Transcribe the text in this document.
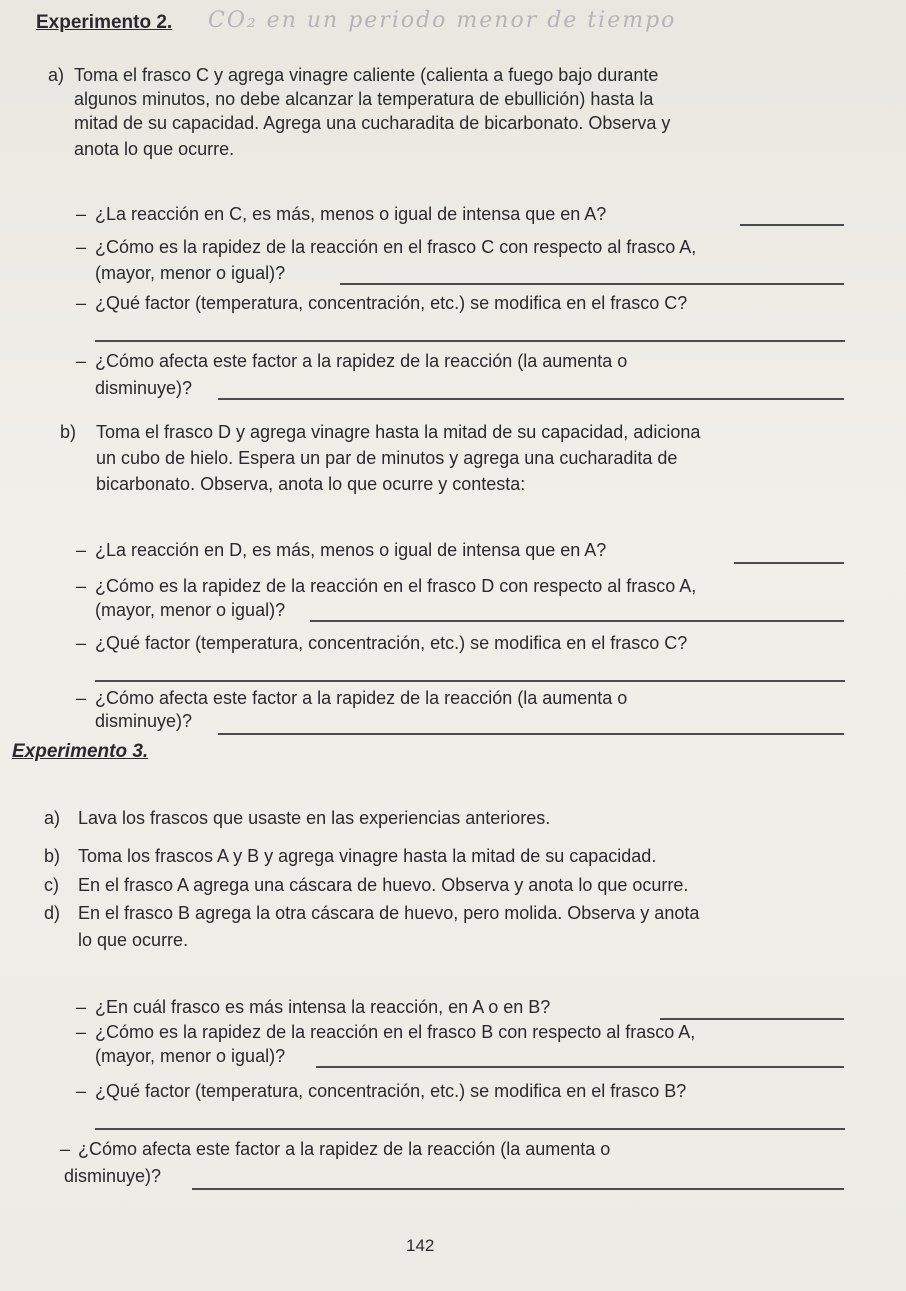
Experimento 2. CO₂ en un periodo menor de tiempo
a) Toma el frasco C y agrega vinagre caliente (calienta a fuego bajo durante
algunos minutos, no debe alcanzar la temperatura de ebullición) hasta la
mitad de su capacidad. Agrega una cucharadita de bicarbonato. Observa y
anota lo que ocurre.
– ¿La reacción en C, es más, menos o igual de intensa que en A?
– ¿Cómo es la rapidez de la reacción en el frasco C con respecto al frasco A,
(mayor, menor o igual)?
– ¿Qué factor (temperatura, concentración, etc.) se modifica en el frasco C?
– ¿Cómo afecta este factor a la rapidez de la reacción (la aumenta o
disminuye)?
b) Toma el frasco D y agrega vinagre hasta la mitad de su capacidad, adiciona
un cubo de hielo. Espera un par de minutos y agrega una cucharadita de
bicarbonato. Observa, anota lo que ocurre y contesta:
– ¿La reacción en D, es más, menos o igual de intensa que en A?
– ¿Cómo es la rapidez de la reacción en el frasco D con respecto al frasco A,
(mayor, menor o igual)?
– ¿Qué factor (temperatura, concentración, etc.) se modifica en el frasco C?
– ¿Cómo afecta este factor a la rapidez de la reacción (la aumenta o
disminuye)?
Experimento 3.
a) Lava los frascos que usaste en las experiencias anteriores.
b) Toma los frascos A y B y agrega vinagre hasta la mitad de su capacidad.
c) En el frasco A agrega una cáscara de huevo. Observa y anota lo que ocurre.
d) En el frasco B agrega la otra cáscara de huevo, pero molida. Observa y anota
lo que ocurre.
– ¿En cuál frasco es más intensa la reacción, en A o en B?
– ¿Cómo es la rapidez de la reacción en el frasco B con respecto al frasco A,
(mayor, menor o igual)?
– ¿Qué factor (temperatura, concentración, etc.) se modifica en el frasco B?
– ¿Cómo afecta este factor a la rapidez de la reacción (la aumenta o
disminuye)?
142
